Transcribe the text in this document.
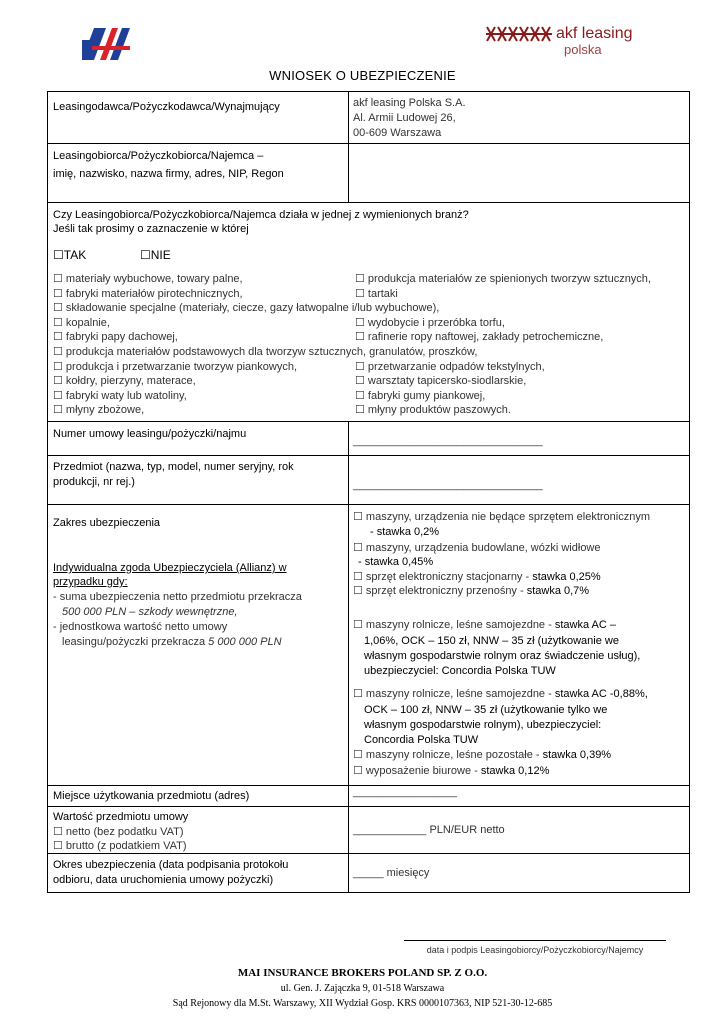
akf leasing
polska
WNIOSEK O UBEZPIECZENIE
Leasingodawca/Pożyczkodawca/Wynajmujący	akf leasing Polska S.A.
Al. Armii Ludowej 26,
00-609 Warszawa
Leasingobiorca/Pożyczkobiorca/Najemca –
imię, nazwisko, nazwa firmy, adres, NIP, Regon
Czy Leasingobiorca/Pożyczkobiorca/Najemca działa w jednej z wymienionych branż?
Jeśli tak prosimy o zaznaczenie w której
☐TAK	☐NIE
☐ materiały wybuchowe, towary palne,	☐ produkcja materiałów ze spienionych tworzyw sztucznych,
☐ fabryki materiałów pirotechnicznych,	☐ tartaki
☐ składowanie specjalne (materiały, ciecze, gazy łatwopalne i/lub wybuchowe),
☐ kopalnie,	☐ wydobycie i przeróbka torfu,
☐ fabryki papy dachowej,	☐ rafinerie ropy naftowej, zakłady petrochemiczne,
☐ produkcja materiałów podstawowych dla tworzyw sztucznych, granulatów, proszków,
☐ produkcja i przetwarzanie tworzyw piankowych,	☐ przetwarzanie odpadów tekstylnych,
☐ kołdry, pierzyny, materace,	☐ warsztaty tapicersko-siodlarskie,
☐ fabryki waty lub watoliny,	☐ fabryki gumy piankowej,
☐ młyny zbożowe,	☐ młyny produktów paszowych.
Numer umowy leasingu/pożyczki/najmu
_______________________________
Przedmiot (nazwa, typ, model, numer seryjny, rok
produkcji, nr rej.)	_______________________________
Zakres ubezpieczenia
Indywidualna zgoda Ubezpieczyciela (Allianz) w
przypadku gdy:
- suma ubezpieczenia netto przedmiotu przekracza
500 000 PLN – szkody wewnętrzne,
- jednostkowa wartość netto umowy
leasingu/pożyczki przekracza 5 000 000 PLN
☐ maszyny, urządzenia nie będące sprzętem elektronicznym
- stawka 0,2%
☐ maszyny, urządzenia budowlane, wózki widłowe
- stawka 0,45%
☐ sprzęt elektroniczny stacjonarny - stawka 0,25%
☐ sprzęt elektroniczny przenośny - stawka 0,7%
☐ maszyny rolnicze, leśne samojezdne - stawka AC –
1,06%, OCK – 150 zł, NNW – 35 zł (użytkowanie we
własnym gospodarstwie rolnym oraz świadczenie usług),
ubezpieczyciel: Concordia Polska TUW
☐ maszyny rolnicze, leśne samojezdne - stawka AC -0,88%,
OCK – 100 zł, NNW – 35 zł (użytkowanie tylko we
własnym gospodarstwie rolnym), ubezpieczyciel:
Concordia Polska TUW
☐ maszyny rolnicze, leśne pozostałe - stawka 0,39%
☐ wyposażenie biurowe - stawka 0,12%
Miejsce użytkowania przedmiotu (adres)	_________________
Wartość przedmiotu umowy
☐ netto (bez podatku VAT)
☐ brutto (z podatkiem VAT)
____________ PLN/EUR netto
Okres ubezpieczenia (data podpisania protokołu
odbioru, data uruchomienia umowy pożyczki)
_____ miesięcy
data i podpis Leasingobiorcy/Pożyczkobiorcy/Najemcy
MAI INSURANCE BROKERS POLAND SP. Z O.O.
ul. Gen. J. Zajączka 9, 01-518 Warszawa
Sąd Rejonowy dla M.St. Warszawy, XII Wydział Gosp. KRS 0000107363, NIP 521-30-12-685
